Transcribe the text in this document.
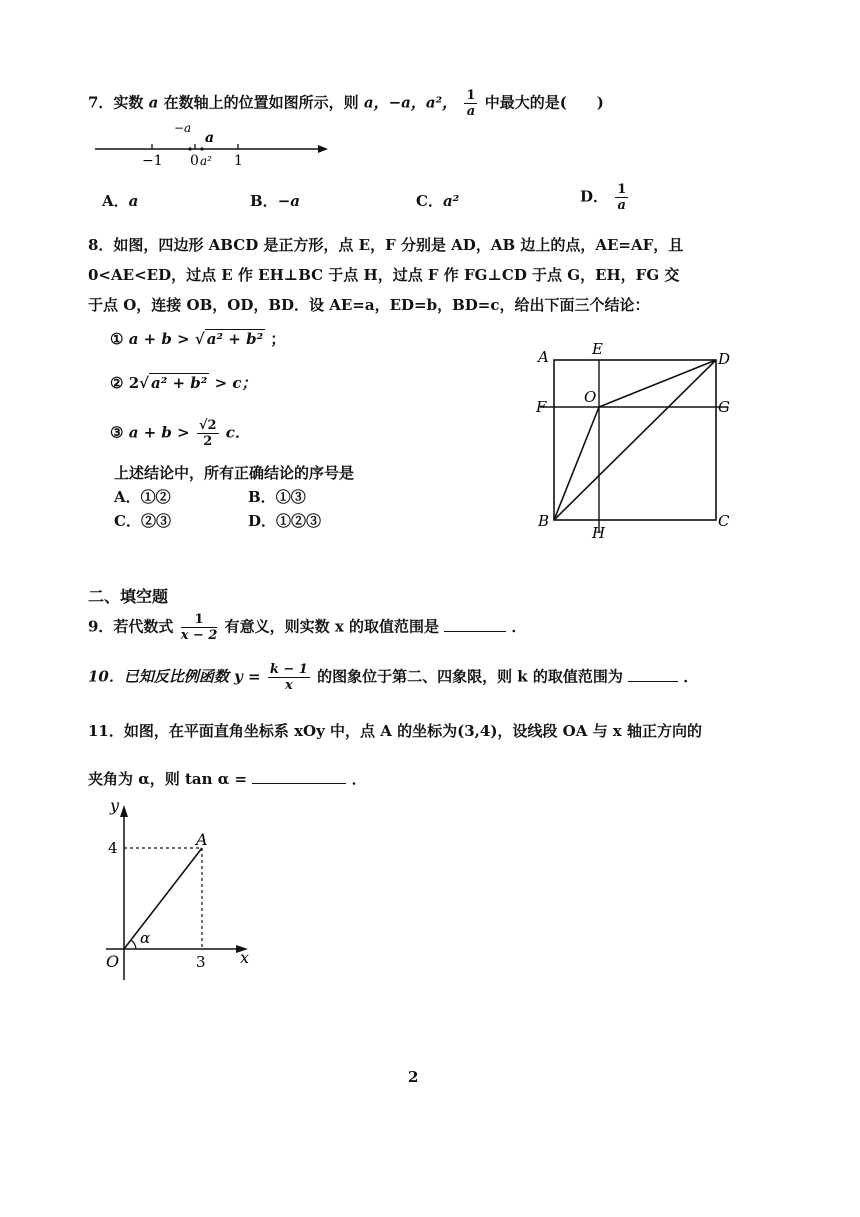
7．实数 a 在数轴上的位置如图所示，则 a，−a，a²， $\frac{1}{a}$ 中最大的是(　　)
−1 0 a² 1
a
−a
A．a	B．−a	C．a²	D． $\frac{1}{a}$
8．如图，四边形 ABCD 是正方形，点 E，F 分别是 AD，AB 边上的点，AE=AF，且
0<AE<ED，过点 E 作 EH⊥BC 于点 H，过点 F 作 FG⊥CD 于点 G，EH，FG 交
于点 O，连接 OB，OD，BD．设 AE=a，ED=b，BD=c，给出下面三个结论：
① a + b > √ a² + b² ；
② 2√ a² + b² > c；
③ $a + b > \frac{√2}{2}$ c．
上述结论中，所有正确结论的序号是
A．①②	B．①③
C．②③	D．①②③
A	E
D
F
O
G
B
H
C
二、填空题
9．若代数式 $\frac{1}{x - 2}$ 有意义，则实数 x 的取值范围是	．
10．已知反比例函数 $y = \frac{k - 1}{x}$ 的图象位于第二、四象限，则 k 的取值范围为	．
11．如图，在平面直角坐标系 xOy 中，点 A 的坐标为(3,4)，设线段 OA 与 x 轴正方向的
夹角为 α，则 tan α =	．
y
x
O
A
4
3
α
2
